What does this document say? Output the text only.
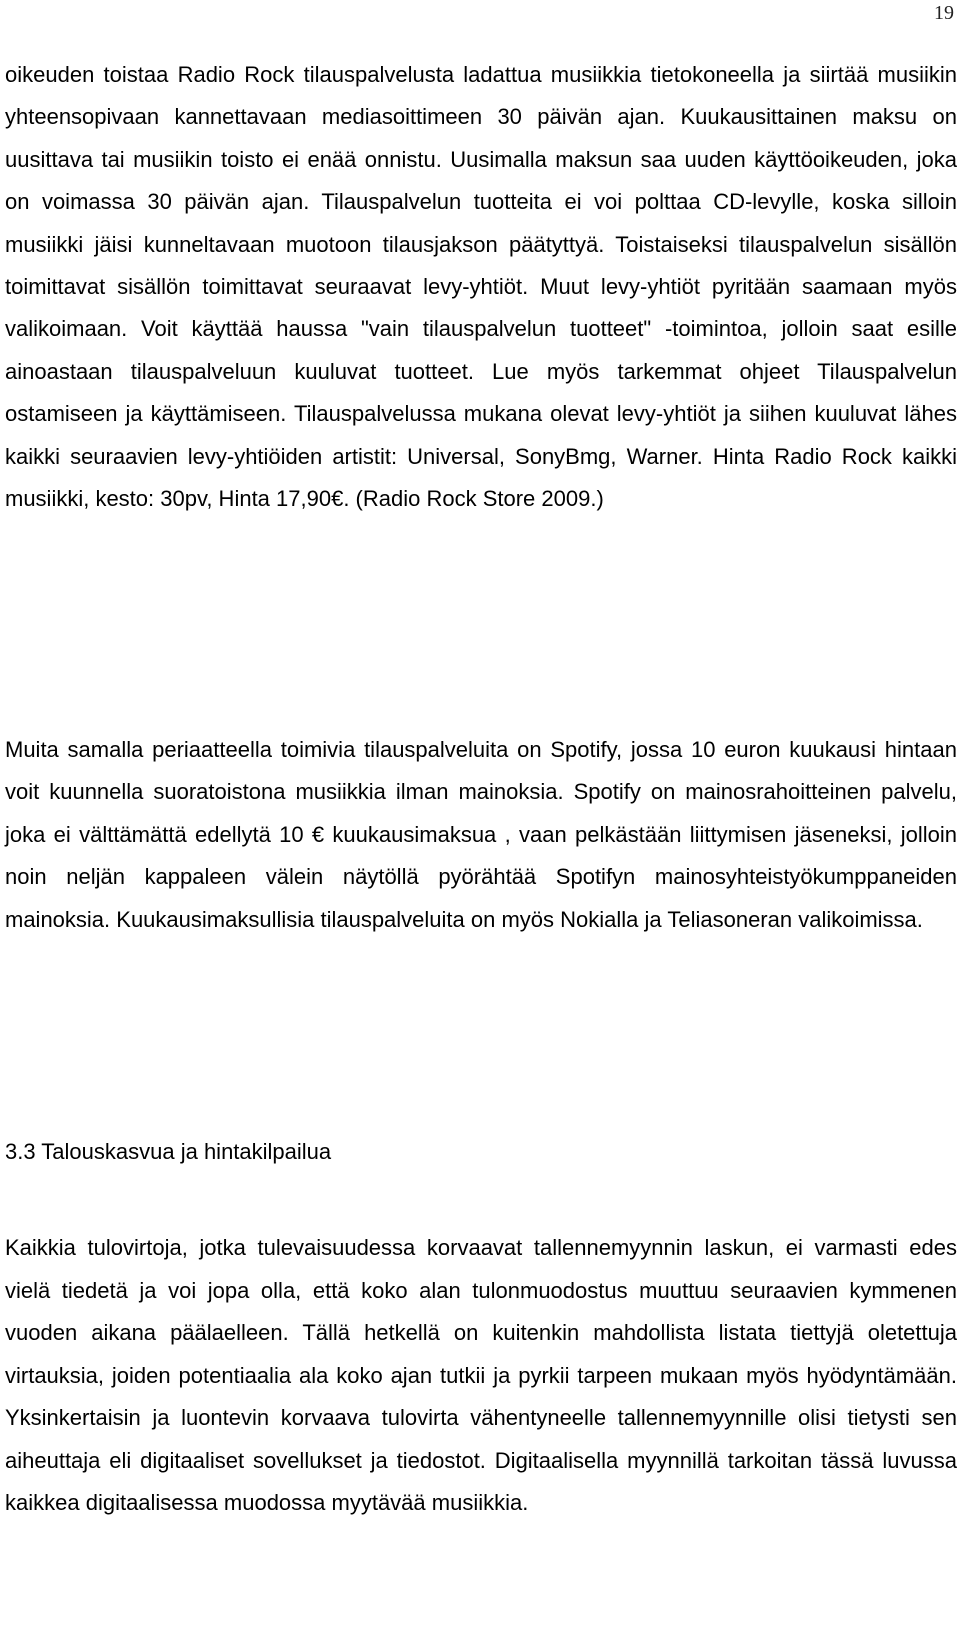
19

oikeuden toistaa Radio Rock tilauspalvelusta ladattua musiikkia tietokoneella ja siirtää musiikin yhteensopivaan kannettavaan mediasoittimeen 30 päivän ajan. Kuukausittainen maksu on uusittava tai musiikin toisto ei enää onnistu. Uusimalla maksun saa uuden käyttöoikeuden, joka on voimassa 30 päivän ajan. Tilauspalvelun tuotteita ei voi polttaa CD-levylle, koska silloin musiikki jäisi kunneltavaan muotoon tilausjakson päätyttyä. Toistaiseksi tilauspalvelun sisällön toimittavat sisällön toimittavat seuraavat levy-yhtiöt. Muut levy-yhtiöt pyritään saamaan myös valikoimaan. Voit käyttää haussa "vain tilauspalvelun tuotteet" -toimintoa, jolloin saat esille ainoastaan tilauspalveluun kuuluvat tuotteet. Lue myös tarkemmat ohjeet Tilauspalvelun ostamiseen ja käyttämiseen. Tilauspalvelussa mukana olevat levy-yhtiöt ja siihen kuuluvat lähes kaikki seuraavien levy-yhtiöiden artistit: Universal, SonyBmg, Warner. Hinta Radio Rock kaikki musiikki, kesto: 30pv, Hinta 17,90€. (Radio Rock Store 2009.)

Muita samalla periaatteella toimivia tilauspalveluita on Spotify, jossa 10 euron kuukausi hintaan voit kuunnella suoratoistona musiikkia ilman mainoksia. Spotify on mainosrahoitteinen palvelu, joka ei välttämättä edellytä 10 € kuukausimaksua , vaan pelkästään liittymisen jäseneksi, jolloin noin neljän kappaleen välein näytöllä pyörähtää Spotifyn mainosyhteistyökumppaneiden mainoksia. Kuukausimaksullisia tilauspalveluita on myös Nokialla ja Teliasoneran valikoimissa.

3.3 Talouskasvua ja hintakilpailua

Kaikkia tulovirtoja, jotka tulevaisuudessa korvaavat tallennemyynnin laskun, ei varmasti edes vielä tiedetä ja voi jopa olla, että koko alan tulonmuodostus muuttuu seuraavien kymmenen vuoden aikana päälaelleen. Tällä hetkellä on kuitenkin mahdollista listata tiettyjä oletettuja virtauksia, joiden potentiaalia ala koko ajan tutkii ja pyrkii tarpeen mukaan myös hyödyntämään. Yksinkertaisin ja luontevin korvaava tulovirta vähentyneelle tallennemyynnille olisi tietysti sen aiheuttaja eli digitaaliset sovellukset ja tiedostot. Digitaalisella myynnillä tarkoitan tässä luvussa kaikkea digitaalisessa muodossa myytävää musiikkia.
